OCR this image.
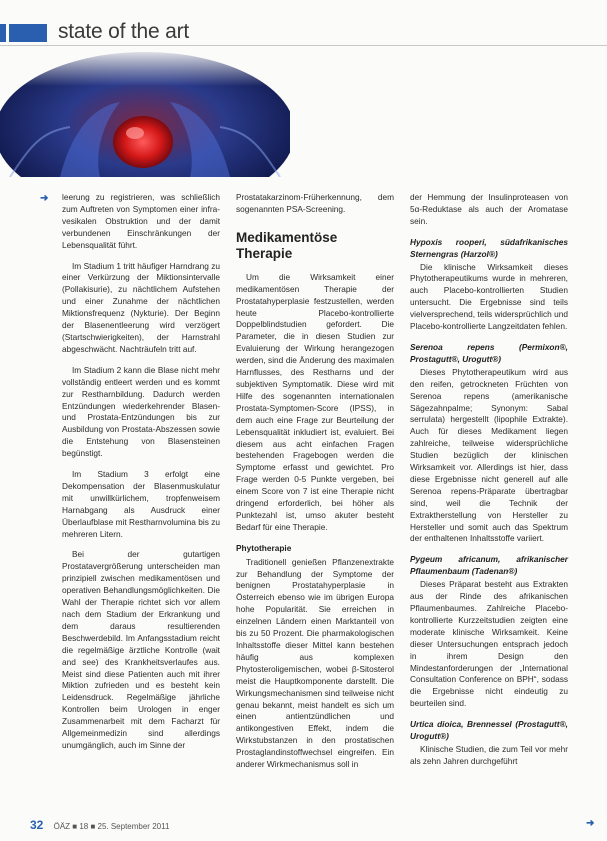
state of the art
➜ leerung zu registrieren, was schließlich zum Auftreten von Symptomen einer infra-vesikalen Obstruktion und der damit verbundenen Einschränkungen der Lebensqualität führt.

Im Stadium 1 tritt häufiger Harndrang zu einer Verkürzung der Miktionsintervalle (Pollakisurie), zu nächtlichem Aufstehen und einer Zunahme der nächtlichen Miktionsfrequenz (Nykturie). Der Beginn der Blasenentleerung wird verzögert (Startschwierigkeiten), der Harnstrahl abgeschwächt. Nachträufeln tritt auf.

Im Stadium 2 kann die Blase nicht mehr vollständig entleert werden und es kommt zur Restharnbildung. Dadurch werden Entzündungen wiederkehrender Blasen- und Prostata-Entzündungen bis zur Ausbildung von Prostata-Abszessen sowie die Entstehung von Blasensteinen begünstigt.

Im Stadium 3 erfolgt eine Dekompensation der Blasenmuskulatur mit unwillkürlichem, tropfenweisem Harnabgang als Ausdruck einer Überlaufblase mit Restharnvolumina bis zu mehreren Litern.

Bei der gutartigen Prostatavergrößerung unterscheiden man prinzipiell zwischen medikamentösen und operativen Behandlungsmöglichkeiten. Die Wahl der Therapie richtet sich vor allem nach dem Stadium der Erkrankung und dem daraus resultierenden Beschwerdebild. Im Anfangsstadium reicht die regelmäßige ärztliche Kontrolle (wait and see) des Krankheitsverlaufes aus. Meist sind diese Patienten auch mit ihrer Miktion zufrieden und es besteht kein Leidensdruck. Regelmäßige jährliche Kontrollen beim Urologen in enger Zusammenarbeit mit dem Facharzt für Allgemeinmedizin sind allerdings unumgänglich, auch im Sinne der

Prostatakarzinom-Früherkennung, dem sogenannten PSA-Screening.

Medikamentöse Therapie

Um die Wirksamkeit einer medikamentösen Therapie der Prostatahyperplasie festzustellen, werden heute Placebo-kontrollierte Doppelblindstudien gefordert. Die Parameter, die in diesen Studien zur Evaluierung der Wirkung herangezogen werden, sind die Änderung des maximalen Harnflusses, des Restharns und der subjektiven Symptomatik. Diese wird mit Hilfe des sogenannten internationalen Prostata-Symptomen-Score (IPSS), in dem auch eine Frage zur Beurteilung der Lebensqualität inkludiert ist, evaluiert. Bei diesem aus acht einfachen Fragen bestehenden Fragebogen werden die Symptome erfasst und gewichtet. Pro Frage werden 0-5 Punkte vergeben, bei einem Score von 7 ist eine Therapie nicht dringend erforderlich, bei höher als Punktezahl ist, umso akuter besteht Bedarf für eine Therapie.

Phytotherapie

Traditionell genießen Pflanzenextrakte zur Behandlung der Symptome der benignen Prostatahyperplasie in Österreich ebenso wie im übrigen Europa hohe Popularität. Sie erreichen in einzelnen Ländern einen Marktanteil von bis zu 50 Prozent. Die pharmakologischen Inhaltsstoffe dieser Mittel kann bestehen häufig aus komplexen Phytosteroligemischen, wobei β-Sitosterol meist die Hauptkomponente darstellt. Die Wirkungsmechanismen sind teilweise nicht genau bekannt, meist handelt es sich um einen antientzündlichen und antikongestiven Effekt, indem die Wirkstubstanzen in den prostatischen Prostaglandinstoffwechsel eingreifen. Ein anderer Wirkmechanismus soll in

der Hemmung der Insulinproteasen von 5α-Reduktase als auch der Aromatase sein.

Hypoxis rooperi, südafrikanisches Sternengras (Harzol®)

Die klinische Wirksamkeit dieses Phytotherapeutikums wurde in mehreren, auch Placebo-kontrollierten Studien untersucht. Die Ergebnisse sind teils vielversprechend, teils widersprüchlich und Placebo-kontrollierte Langzeitdaten fehlen.

Serenoa repens (Permixon®, Prostagutt®, Urogutt®)

Dieses Phytotherapeutikum wird aus den reifen, getrockneten Früchten von Serenoa repens (amerikanische Sägezahnpalme; Synonym: Sabal serrulata) hergestellt (lipophile Extrakte). Auch für dieses Medikament liegen zahlreiche, teilweise widersprüchliche Studien bezüglich der klinischen Wirksamkeit vor. Allerdings ist hier, dass diese Ergebnisse nicht generell auf alle Serenoa repens-Präparate übertragbar sind, weil die Technik der Extraktherstellung von Hersteller zu Hersteller und somit auch das Spektrum der enthaltenen Inhaltsstoffe variiert.

Pygeum africanum, afrikanischer Pflaumenbaum (Tadenan®)

Dieses Präparat besteht aus Extrakten aus der Rinde des afrikanischen Pflaumenbaumes. Zahlreiche Placebo-kontrollierte Kurzzeitstudien zeigten eine moderate klinische Wirksamkeit. Keine dieser Untersuchungen entsprach jedoch in ihrem Design den Mindestanforderungen der „International Consultation Conference on BPH“, sodass die Ergebnisse nicht eindeutig zu beurteilen sind.

Urtica dioica, Brennessel (Prostagutt®, Urogutt®)

Klinische Studien, die zum Teil vor mehr als zehn Jahren durchgeführt

32 ÖÄZ ■ 18 ■ 25. September 2011	➜
